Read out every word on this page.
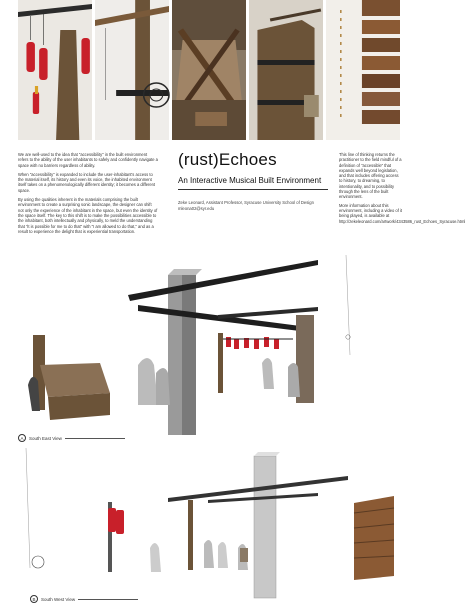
We are well-used to the idea that "accessibility" in the built environment refers to the ability of the user inhabitants to safely and confidently navigate a space with no barriers regardless of ability.

When "accessibility" is expanded to include the user-inhabitant's access to the material itself, its history and even its voice, the inhabited environment itself takes on a phenomenologically different identity; it becomes a different space.

By using the qualities inherent in the materials comprising the built environment to create a surprising sonic landscape, the designer can shift not only the experience of the inhabitant in the space, but even the identity of the space itself. The key to this shift is to make the possibilities accessible to the inhabitant, both intellectually and physically, to meld the understanding that "it is possible for me to do that" with "I am allowed to do that," and as a result to experience the delight that is experiential transportation.

(rust)Echoes
An Interactive Musical Built Environment
Zeke Leonard, Assistant Professor, Syracuse University School of Design
mleona02@syr.edu

This line of thinking returns the practitioner to the field mindful of a definition of "accessible" that expands well beyond legislation, and that includes offering access to history, to dreaming, to intentionality, and to possibility through the lens of the built environment.

More information about this environment, including a video of it being played, is available at http://zekeleonard.com/artwork/4343586_rust_Echoes_Syracuse.html

A	South East View
B	South West View
